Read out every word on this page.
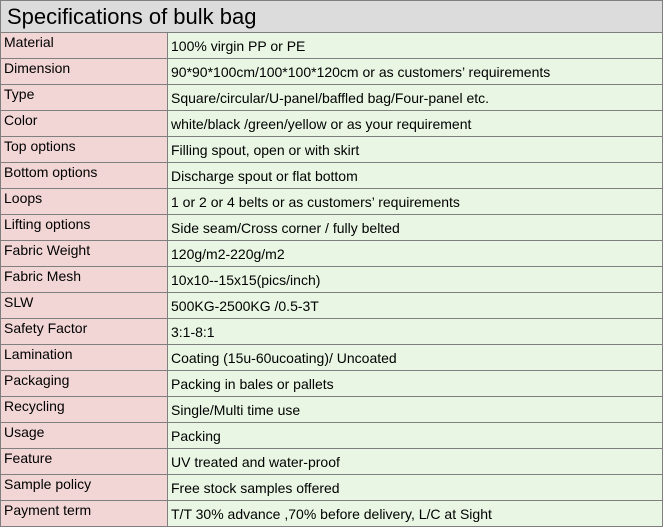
Specifications of bulk bag
Material	100% virgin PP or PE
Dimension	90*90*100cm/100*100*120cm or as customers’ requirements
Type	Square/circular/U-panel/baffled bag/Four-panel etc.
Color	white/black /green/yellow or as your requirement
Top options	Filling spout, open or with skirt
Bottom options	Discharge spout or flat bottom
Loops	1 or 2 or 4 belts or as customers’ requirements
Lifting options	Side seam/Cross corner / fully belted
Fabric Weight	120g/m2-220g/m2
Fabric Mesh	10x10--15x15(pics/inch)
SLW	500KG-2500KG /0.5-3T
Safety Factor	3:1-8:1
Lamination	Coating (15u-60ucoating)/ Uncoated
Packaging	Packing in bales or pallets
Recycling	Single/Multi time use
Usage	Packing
Feature	UV treated and water-proof
Sample policy	Free stock samples offered
Payment term	T/T 30% advance ,70% before delivery, L/C at Sight
